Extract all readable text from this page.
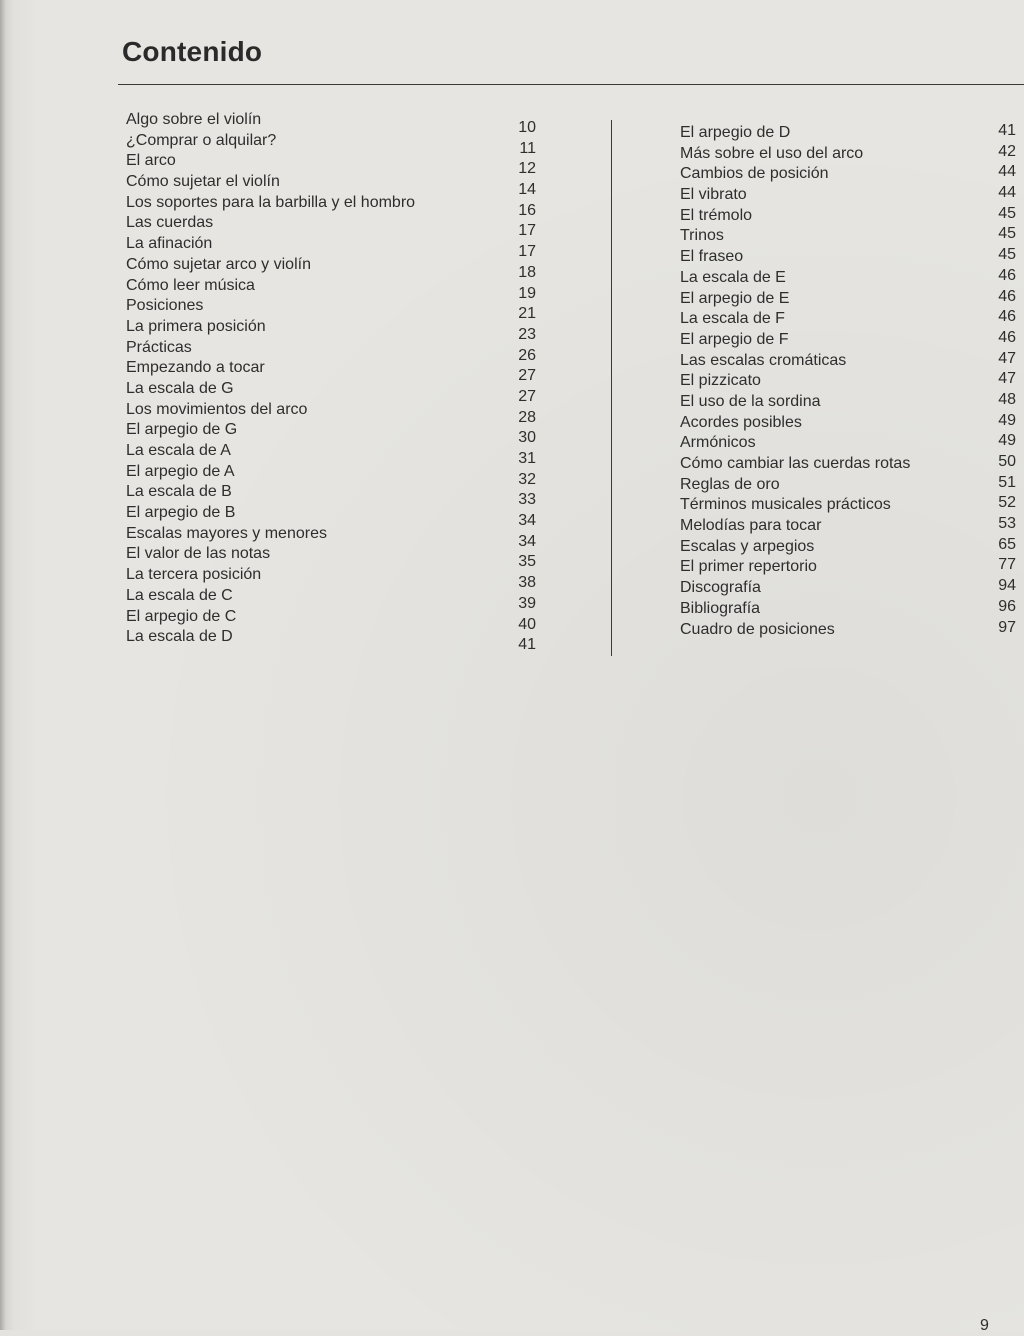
Contenido
Algo sobre el violín	10
¿Comprar o alquilar?	11
El arco	12
Cómo sujetar el violín	14
Los soportes para la barbilla y el hombro	16
Las cuerdas	17
La afinación	17
Cómo sujetar arco y violín	18
Cómo leer música	19
Posiciones	21
La primera posición	23
Prácticas	26
Empezando a tocar	27
La escala de G	27
Los movimientos del arco	28
El arpegio de G	30
La escala de A	31
El arpegio de A	32
La escala de B	33
El arpegio de B	34
Escalas mayores y menores	34
El valor de las notas	35
La tercera posición	38
La escala de C	39
El arpegio de C	40
La escala de D	41
El arpegio de D	41
Más sobre el uso del arco	42
Cambios de posición	44
El vibrato	44
El trémolo	45
Trinos	45
El fraseo	45
La escala de E	46
El arpegio de E	46
La escala de F	46
El arpegio de F	46
Las escalas cromáticas	47
El pizzicato	47
El uso de la sordina	48
Acordes posibles	49
Armónicos	49
Cómo cambiar las cuerdas rotas	50
Reglas de oro	51
Términos musicales prácticos	52
Melodías para tocar	53
Escalas y arpegios	65
El primer repertorio	77
Discografía	94
Bibliografía	96
Cuadro de posiciones	97
9
